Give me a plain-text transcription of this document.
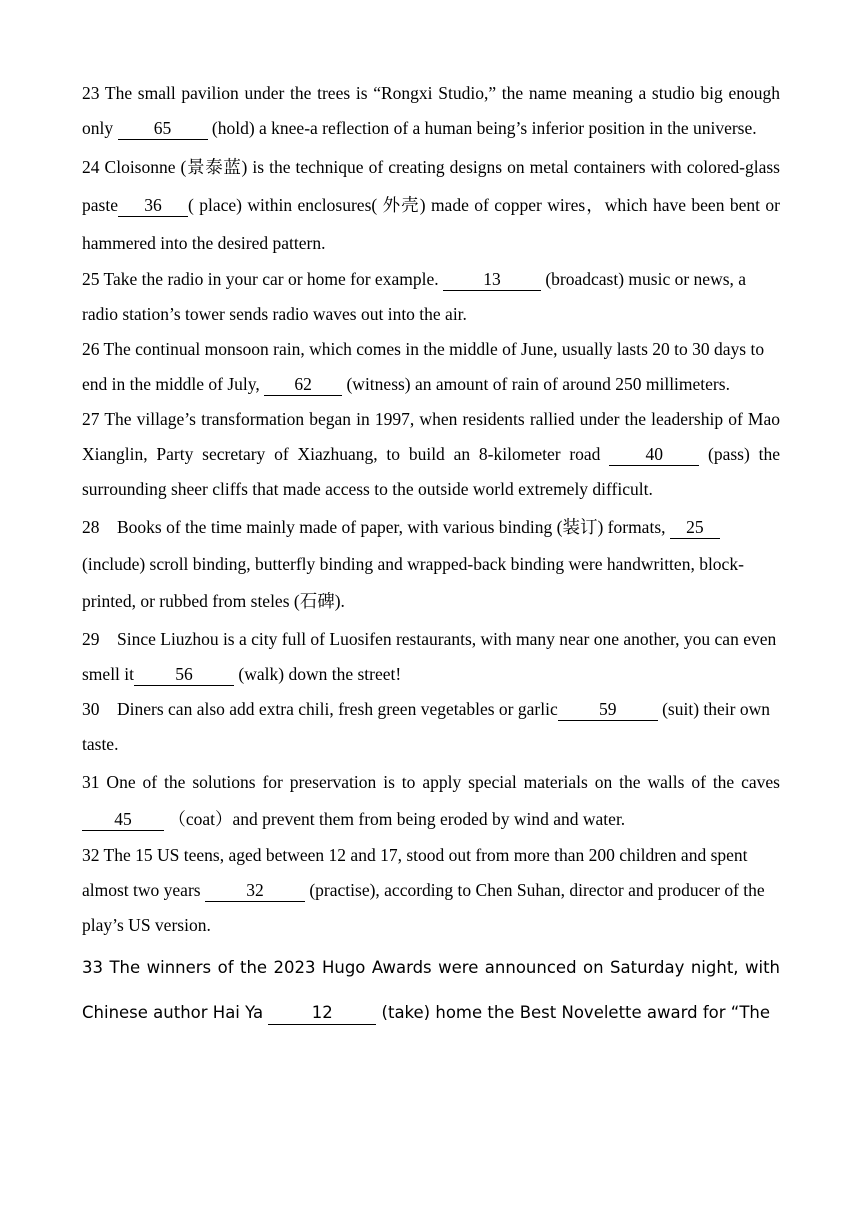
23 The small pavilion under the trees is “Rongxi Studio,” the name meaning a studio big enough only 65 (hold) a knee-a reflection of a human being’s inferior position in the universe.

24 Cloisonne (景泰蓝) is the technique of creating designs on metal containers with colored-glass paste 36 ( place) within enclosures( 外壳) made of copper wires，which have been bent or hammered into the desired pattern.

25 Take the radio in your car or home for example. 13 (broadcast) music or news, a radio station’s tower sends radio waves out into the air.

26 The continual monsoon rain, which comes in the middle of June, usually lasts 20 to 30 days to end in the middle of July, 62 (witness) an amount of rain of around 250 millimeters.

27 The village’s transformation began in 1997, when residents rallied under the leadership of Mao Xianglin, Party secretary of Xiazhuang, to build an 8-kilometer road 40 (pass) the surrounding sheer cliffs that made access to the outside world extremely difficult.

28 Books of the time mainly made of paper, with various binding (装订) formats, 25 (include) scroll binding, butterfly binding and wrapped-back binding were handwritten, block-printed, or rubbed from steles (石碑).

29 Since Liuzhou is a city full of Luosifen restaurants, with many near one another, you can even smell it 56 (walk) down the street!

30 Diners can also add extra chili, fresh green vegetables or garlic 59 (suit) their own taste.

31 One of the solutions for preservation is to apply special materials on the walls of the caves 45 （coat）and prevent them from being eroded by wind and water.

32 The 15 US teens, aged between 12 and 17, stood out from more than 200 children and spent almost two years 32 (practise), according to Chen Suhan, director and producer of the play’s US version.

33 The winners of the 2023 Hugo Awards were announced on Saturday night, with Chinese author Hai Ya	12	(take) home the Best Novelette award for “The
